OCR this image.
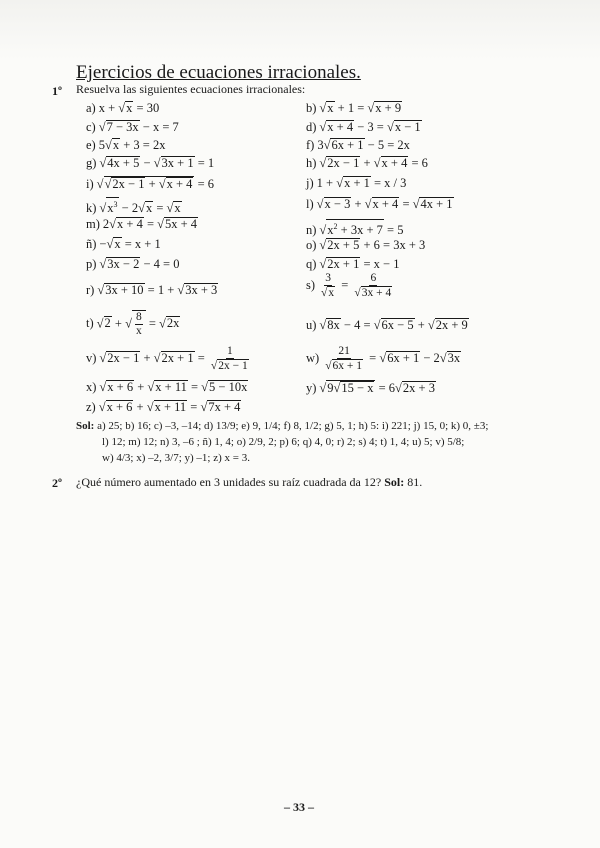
Ejercicios de ecuaciones irracionales.
1º Resuelva las siguientes ecuaciones irracionales:
a) x + √x = 30	b) √x + 1 = √x + 9
c) √7 − 3x − x = 7	d) √x + 4 − 3 = √x − 1
e) 5√x + 3 = 2x	f) 3√6x + 1 − 5 = 2x
g) √4x + 5 − √3x + 1 = 1	h) √2x − 1 + √x + 4 = 6
i) √√2x − 1 + √x + 4 = 6	j) 1 + √x + 1 = x / 3
k) $√x^3 - 2√x = √x$	l) √x − 3 + √x + 4 = √4x + 1
m) 2√x + 4 = √5x + 4	n) $√x^2 + 3x + 7 = 5$
ñ) −√x = x + 1	o) √2x + 5 + 6 = 3x + 3
p) √3x − 2 − 4 = 0	q) √2x + 1 = x − 1
r) √3x + 10 = 1 + √3x + 3	$s) \frac{3}{√x} = \frac{6}{√3x + 4}$
t) √2 + √ $\frac{8}{x} = √2x$	u) √8x − 4 = √6x − 5 + √2x + 9
v) $√2x - 1 + √2x + 1 = \frac{1}{√2x - 1}$	$w) \frac{21}{√6x + 1} = √6x + 1 - 2√3x$
x) √x + 6 + √x + 11 = √5 − 10x	y) √9√15 − x = 6√2x + 3
z) √x + 6 + √x + 11 = √7x + 4
Sol: a) 25; b) 16; c) –3, –14; d) 13/9; e) 9, 1/4; f) 8, 1/2; g) 5, 1; h) 5: i) 221; j) 15, 0; k) 0, ±3;
l) 12; m) 12; n) 3, –6 ; ñ) 1, 4; o) 2/9, 2; p) 6; q) 4, 0; r) 2; s) 4; t) 1, 4; u) 5; v) 5/8;
w) 4/3; x) –2, 3/7; y) –1; z) x = 3.
2º ¿Qué número aumentado en 3 unidades su raíz cuadrada da 12? Sol: 81.
– 33 –
